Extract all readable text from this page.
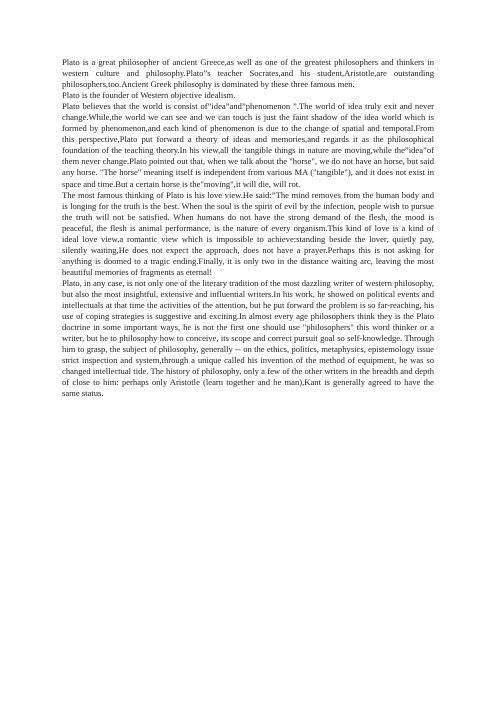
Plato is a great philosopher of ancient Greece,as well as one of the greatest philosophers and thinkers in western culture and philosophy.Plato”s teacher Socrates,and his student,Aristotle,are outstanding philosophers,too.Ancient Greek philosophy is dominated by these three famous men.

Plato is the founder of Western objective idealism.

Plato believes that the world is consist of”idea”and”phenomenon ”.The world of idea truly exit and never change.While,the world we can see and we can touch is just the faint shadow of the idea world which is formed by phenomenon,and each kind of phenomenon is due to the change of spatial and temporal.From this perspective,Plato put forward a theory of ideas and memories,and regards it as the philosophical foundation of the teaching theory.In his view,all the tangible things in nature are moving,while the”idea”of them never change.Plato pointed out that, when we talk about the "horse", we do not have an horse, but said any horse. "The horse" meaning itself is independent from various MA ("tangible"), and it does not exist in space and time.But a certain horse is the"moving",it will die, will rot.

The most famous thinking of Plato is his love view.He said:”The mind removes from the human body and is longing for the truth is the best. When the soul is the spirit of evil by the infection, people wish to pursue the truth will not be satisfied. When humans do not have the strong demand of the flesh, the mood is peaceful, the flesh is animal performance, is the nature of every organism.This kind of love is a kind of ideal love view,a romantic view which is impossible to achieve:standing beside the lover, quietly pay, silently waiting,He does not expect the approach, does not have a prayer.Perhaps this is not asking for anything is doomed to a tragic ending.Finally, it is only two in the distance waiting arc, leaving the most beautiful memories of fragments as eternal!

Plato, in any case, is not only one of the literary tradition of the most dazzling writer of western philosophy, but also the most insightful, extensive and influential writers.In his work, he showed on political events and intellectuals at that time the activities of the attention, but he put forward the problem is so far-reaching, his use of coping strategies is suggestive and exciting.In almost every age philosophers think they is the Plato doctrine in some important ways, he is not the first one should use "philosophers" this word thinker or a writer, but he to philosophy how to conceive, its scope and correct pursuit goal so self-knowledge. Through him to grasp, the subject of philosophy, generally -- on the ethics, politics, metaphysics, epistemology issue strict inspection and system,through a unique called his invention of the method of equipment, he was so changed intellectual tide. The history of philosophy, only a few of the other writers in the breadth and depth of close to him: perhaps only Aristotle (learn together and he man),Kant is generally agreed to have the same status.
